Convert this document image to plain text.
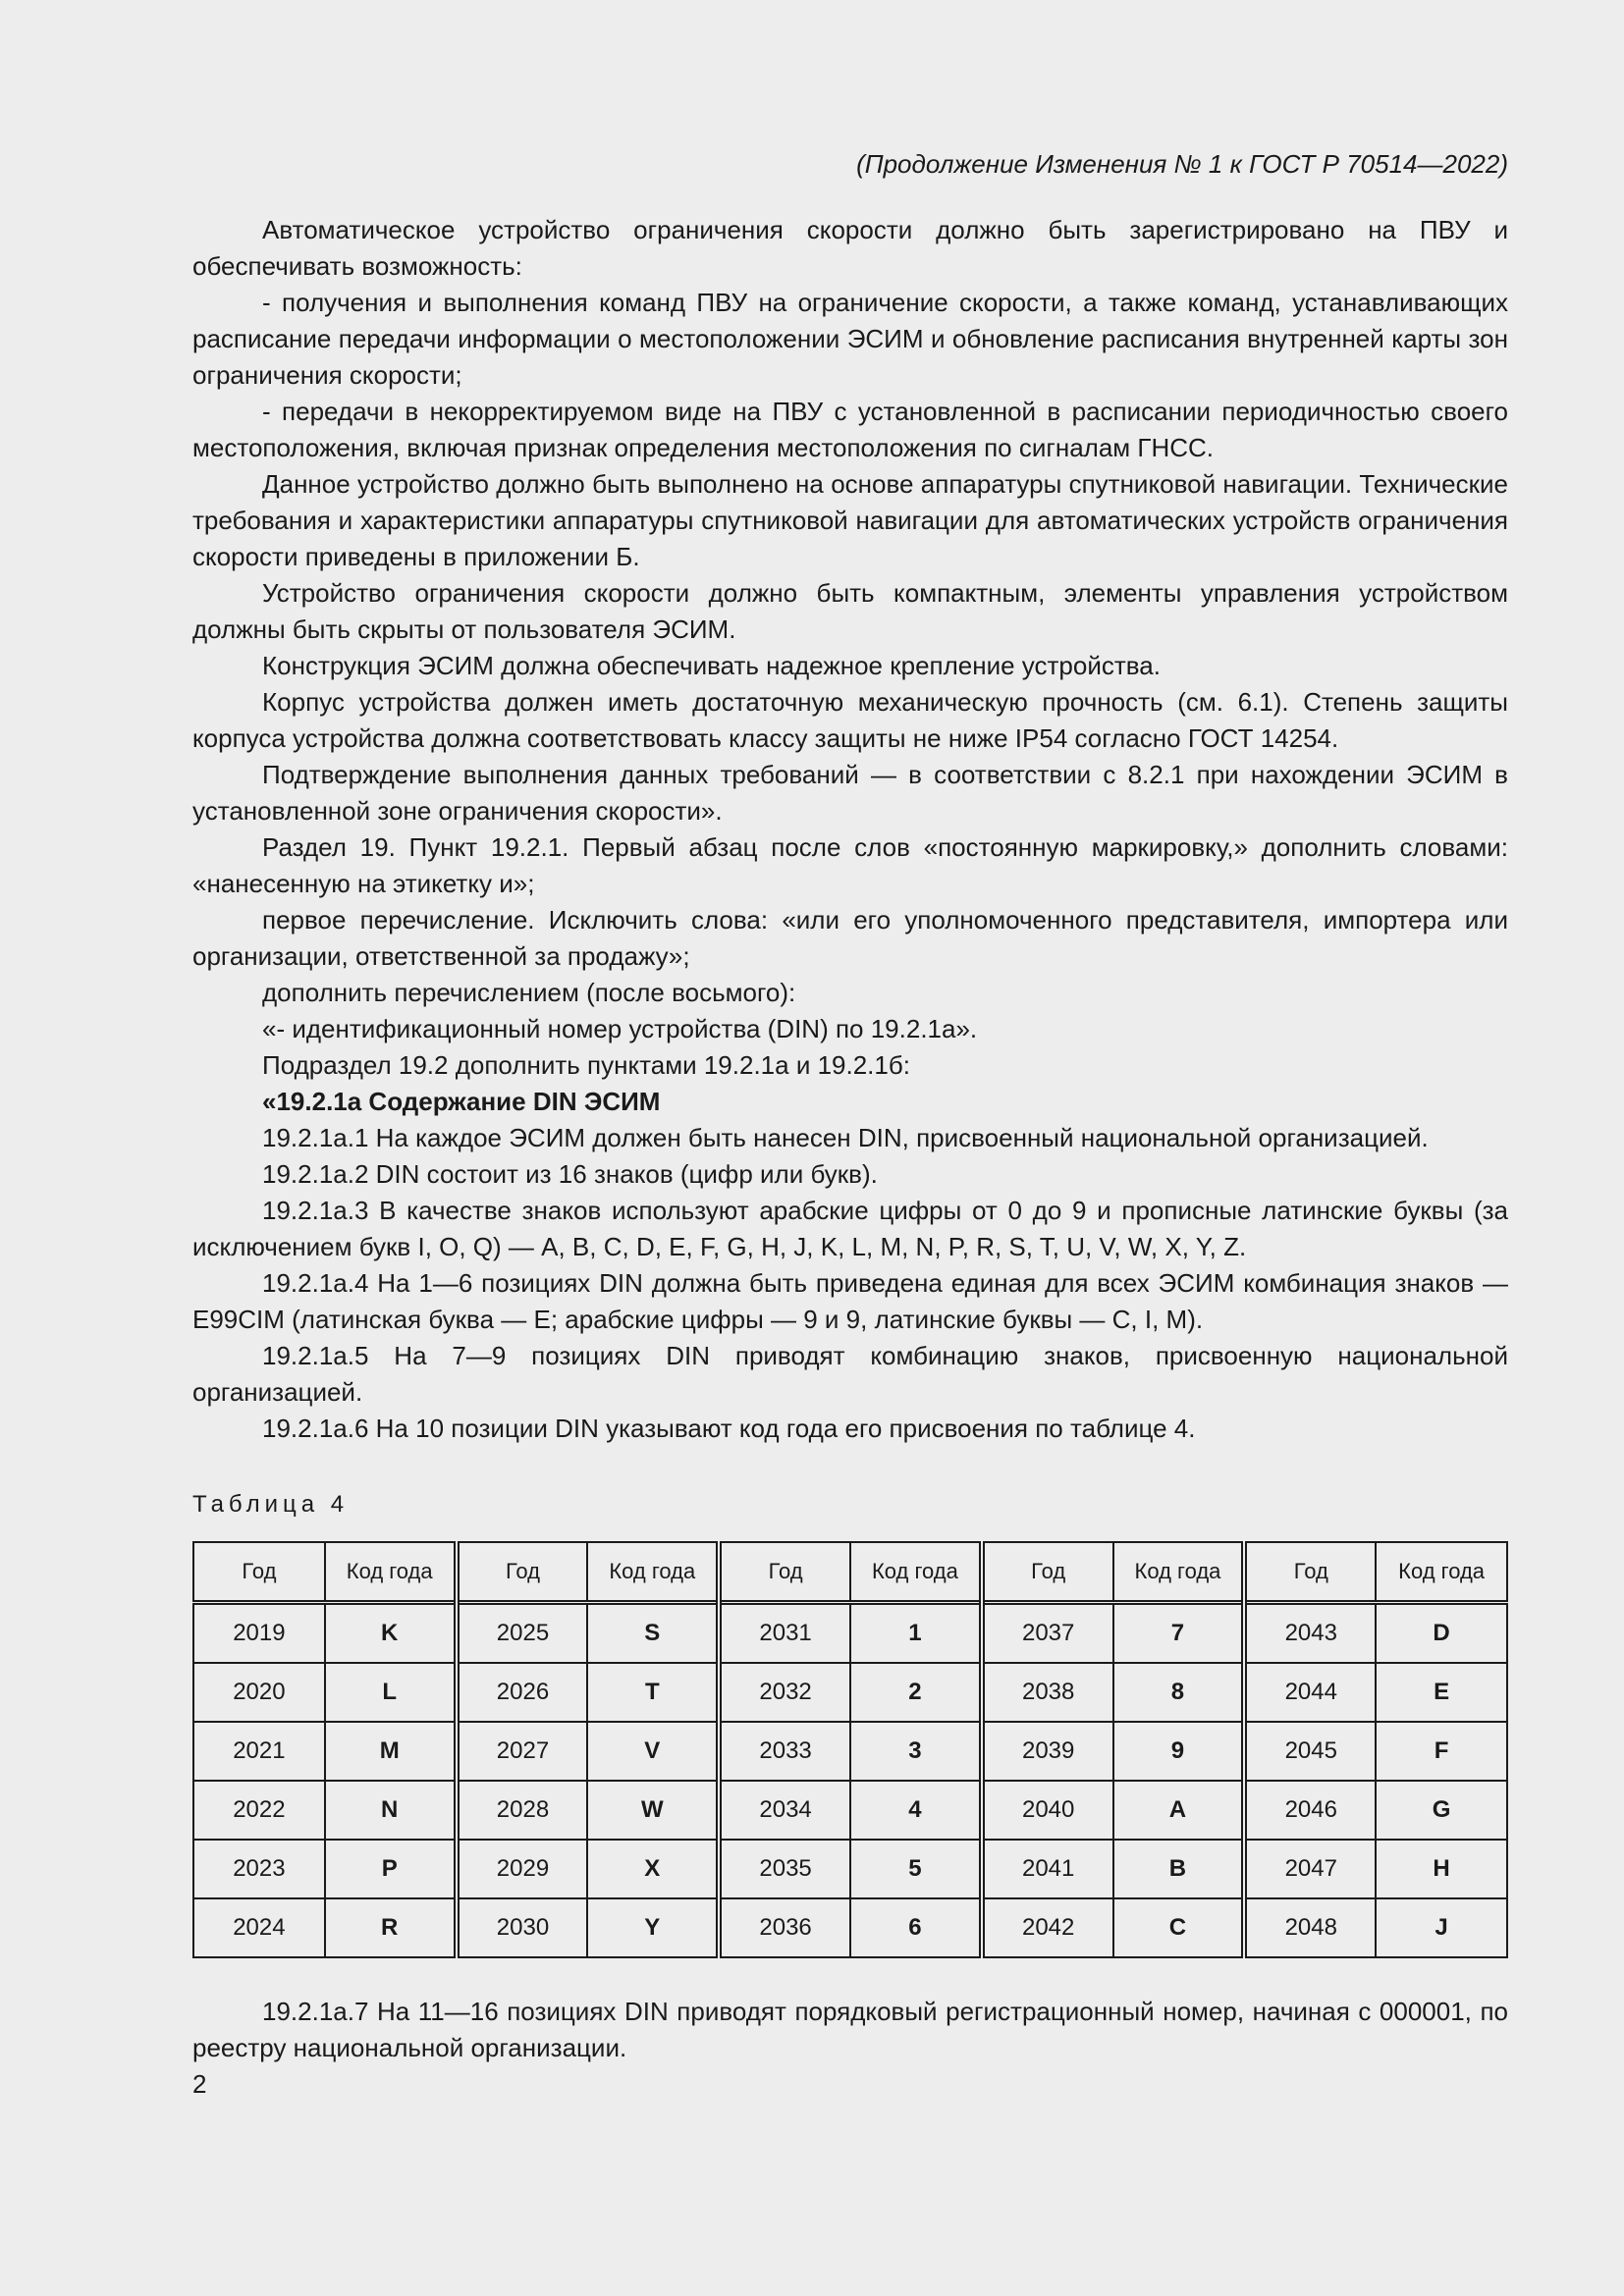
(Продолжение Изменения № 1 к ГОСТ Р 70514—2022)

Автоматическое устройство ограничения скорости должно быть зарегистрировано на ПВУ и обеспечивать возможность:

- получения и выполнения команд ПВУ на ограничение скорости, а также команд, устанавливающих расписание передачи информации о местоположении ЭСИМ и обновление расписания внутренней карты зон ограничения скорости;

- передачи в некорректируемом виде на ПВУ с установленной в расписании периодичностью своего местоположения, включая признак определения местоположения по сигналам ГНСС.

Данное устройство должно быть выполнено на основе аппаратуры спутниковой навигации. Технические требования и характеристики аппаратуры спутниковой навигации для автоматических устройств ограничения скорости приведены в приложении Б.

Устройство ограничения скорости должно быть компактным, элементы управления устройством должны быть скрыты от пользователя ЭСИМ.

Конструкция ЭСИМ должна обеспечивать надежное крепление устройства.

Корпус устройства должен иметь достаточную механическую прочность (см. 6.1). Степень защиты корпуса устройства должна соответствовать классу защиты не ниже IP54 согласно ГОСТ 14254.

Подтверждение выполнения данных требований — в соответствии с 8.2.1 при нахождении ЭСИМ в установленной зоне ограничения скорости».

Раздел 19. Пункт 19.2.1. Первый абзац после слов «постоянную маркировку,» дополнить словами: «нанесенную на этикетку и»;

первое перечисление. Исключить слова: «или его уполномоченного представителя, импортера или организации, ответственной за продажу»;

дополнить перечислением (после восьмого):

«- идентификационный номер устройства (DIN) по 19.2.1а».

Подраздел 19.2 дополнить пунктами 19.2.1а и 19.2.1б:

«19.2.1а Содержание DIN ЭСИМ

19.2.1а.1 На каждое ЭСИМ должен быть нанесен DIN, присвоенный национальной организацией.

19.2.1а.2 DIN состоит из 16 знаков (цифр или букв).

19.2.1а.3 В качестве знаков используют арабские цифры от 0 до 9 и прописные латинские буквы (за исключением букв I, O, Q) — A, B, C, D, E, F, G, H, J, K, L, M, N, P, R, S, T, U, V, W, X, Y, Z.

19.2.1а.4 На 1—6 позициях DIN должна быть приведена единая для всех ЭСИМ комбинация знаков — E99CIM (латинская буква — E; арабские цифры — 9 и 9, латинские буквы — C, I, M).

19.2.1а.5 На 7—9 позициях DIN приводят комбинацию знаков, присвоенную национальной организацией.

19.2.1а.6 На 10 позиции DIN указывают код года его присвоения по таблице 4.

Таблица 4
Год	Код года	Год	Код года	Год	Код года	Год	Код года	Год	Код года
2019	K	2025	S	2031	1	2037	7	2043	D
2020	L	2026	T	2032	2	2038	8	2044	E
2021	M	2027	V	2033	3	2039	9	2045	F
2022	N	2028	W	2034	4	2040	A	2046	G
2023	P	2029	X	2035	5	2041	B	2047	H
2024	R	2030	Y	2036	6	2042	C	2048	J

19.2.1а.7 На 11—16 позициях DIN приводят порядковый регистрационный номер, начиная с 000001, по реестру национальной организации.

2
